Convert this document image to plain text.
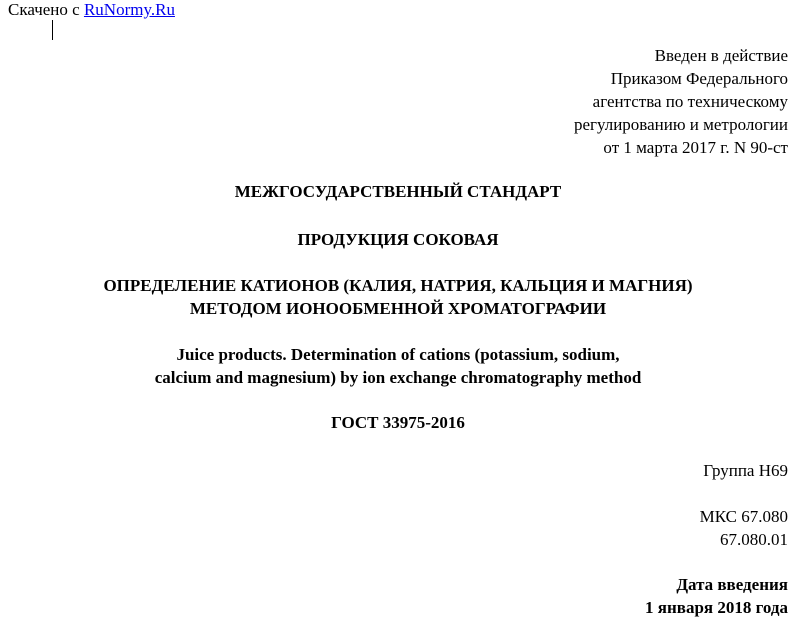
Скачено с RuNormy.Ru
Введен в действие
Приказом Федерального
агентства по техническому
регулированию и метрологии
от 1 марта 2017 г. N 90-ст
МЕЖГОСУДАРСТВЕННЫЙ СТАНДАРТ
ПРОДУКЦИЯ СОКОВАЯ
ОПРЕДЕЛЕНИЕ КАТИОНОВ (КАЛИЯ, НАТРИЯ, КАЛЬЦИЯ И МАГНИЯ)
МЕТОДОМ ИОНООБМЕННОЙ ХРОМАТОГРАФИИ
Juice products. Determination of cations (potassium, sodium,
calcium and magnesium) by ion exchange chromatography method
ГОСТ 33975-2016
Группа Н69
МКС 67.080
67.080.01
Дата введения
1 января 2018 года
